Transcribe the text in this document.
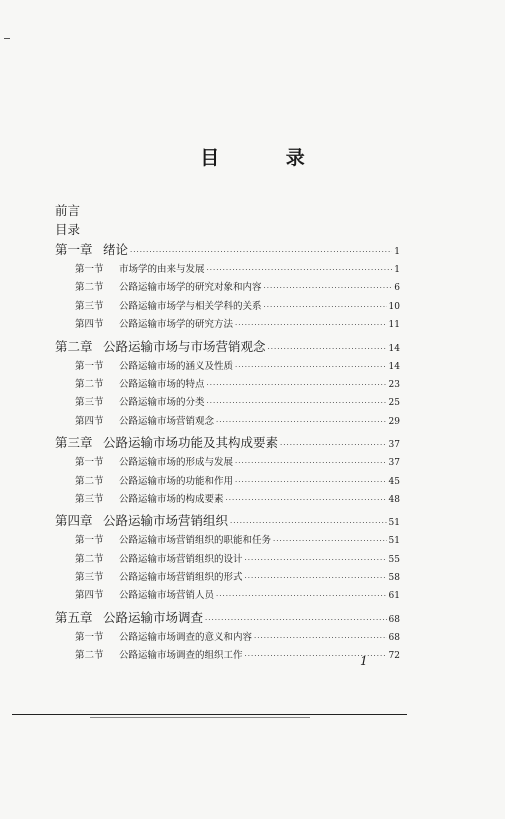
目 录
前言
目录
第一章 绪论 ·····	1
第一节	市场学的由来与发展 ·····	1
第二节	公路运输市场学的研究对象和内容 ·····	6
第三节	公路运输市场学与相关学科的关系 ·····	10
第四节	公路运输市场学的研究方法 ·····	11
第二章 公路运输市场与市场营销观念 ·····	14
第一节	公路运输市场的涵义及性质 ·····	14
第二节	公路运输市场的特点 ·····	23
第三节	公路运输市场的分类 ·····	25
第四节	公路运输市场营销观念 ·····	29
第三章 公路运输市场功能及其构成要素 ·····	37
第一节	公路运输市场的形成与发展 ·····	37
第二节	公路运输市场的功能和作用 ·····	45
第三节	公路运输市场的构成要素 ·····	48
第四章 公路运输市场营销组织 ·····	51
第一节	公路运输市场营销组织的职能和任务 ·····	51
第二节	公路运输市场营销组织的设计 ·····	55
第三节	公路运输市场营销组织的形式 ·····	58
第四节	公路运输市场营销人员 ·····	61
第五章 公路运输市场调查 ·····	68
第一节	公路运输市场调查的意义和内容 ·····	68
第二节	公路运输市场调查的组织工作 ·····	72
1
